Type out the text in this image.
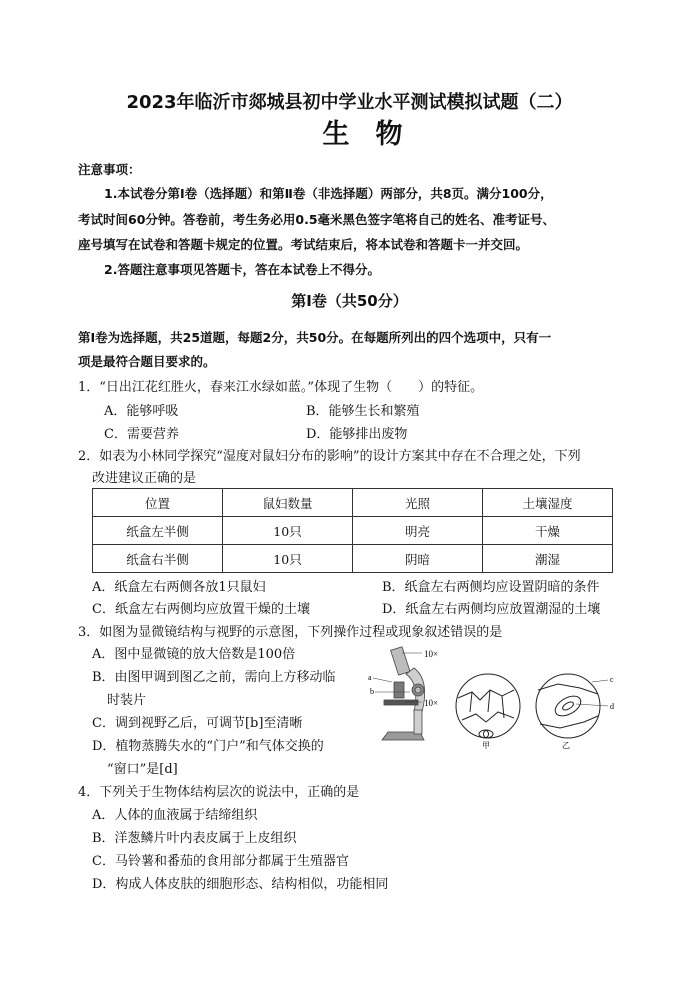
2023年临沂市郯城县初中学业水平测试模拟试题（二）
生物
注意事项：
1.本试卷分第Ⅰ卷（选择题）和第Ⅱ卷（非选择题）两部分，共8页。满分100分，
考试时间60分钟。答卷前，考生务必用0.5毫米黑色签字笔将自己的姓名、准考证号、
座号填写在试卷和答题卡规定的位置。考试结束后，将本试卷和答题卡一并交回。
2.答题注意事项见答题卡，答在本试卷上不得分。
第Ⅰ卷（共50分）
第Ⅰ卷为选择题，共25道题，每题2分，共50分。在每题所列出的四个选项中，只有一
项是最符合题目要求的。
1．“日出江花红胜火，春来江水绿如蓝。”体现了生物（　　）的特征。
A．能够呼吸	B．能够生长和繁殖
C．需要营养	D．能够排出废物
2．如表为小林同学探究“湿度对鼠妇分布的影响”的设计方案其中存在不合理之处，下列
改进建议正确的是
位置	鼠妇数量	光照	土壤湿度
纸盒左半侧	10只	明亮	干燥
纸盒右半侧	10只	阴暗	潮湿
A．纸盒左右两侧各放1只鼠妇	B．纸盒左右两侧均应设置阴暗的条件
C．纸盒左右两侧均应放置干燥的土壤	D．纸盒左右两侧均应放置潮湿的土壤
3．如图为显微镜结构与视野的示意图，下列操作过程或现象叙述错误的是
A．图中显微镜的放大倍数是100倍
B．由图甲调到图乙之前，需向上方移动临
时装片
C．调到视野乙后，可调节[b]至清晰
D．植物蒸腾失水的“门户”和气体交换的
“窗口”是[d]
10×
10×
a
b
甲
c
d
乙
4．下列关于生物体结构层次的说法中，正确的是
A．人体的血液属于结缔组织
B．洋葱鳞片叶内表皮属于上皮组织
C．马铃薯和番茄的食用部分都属于生殖器官
D．构成人体皮肤的细胞形态、结构相似，功能相同
